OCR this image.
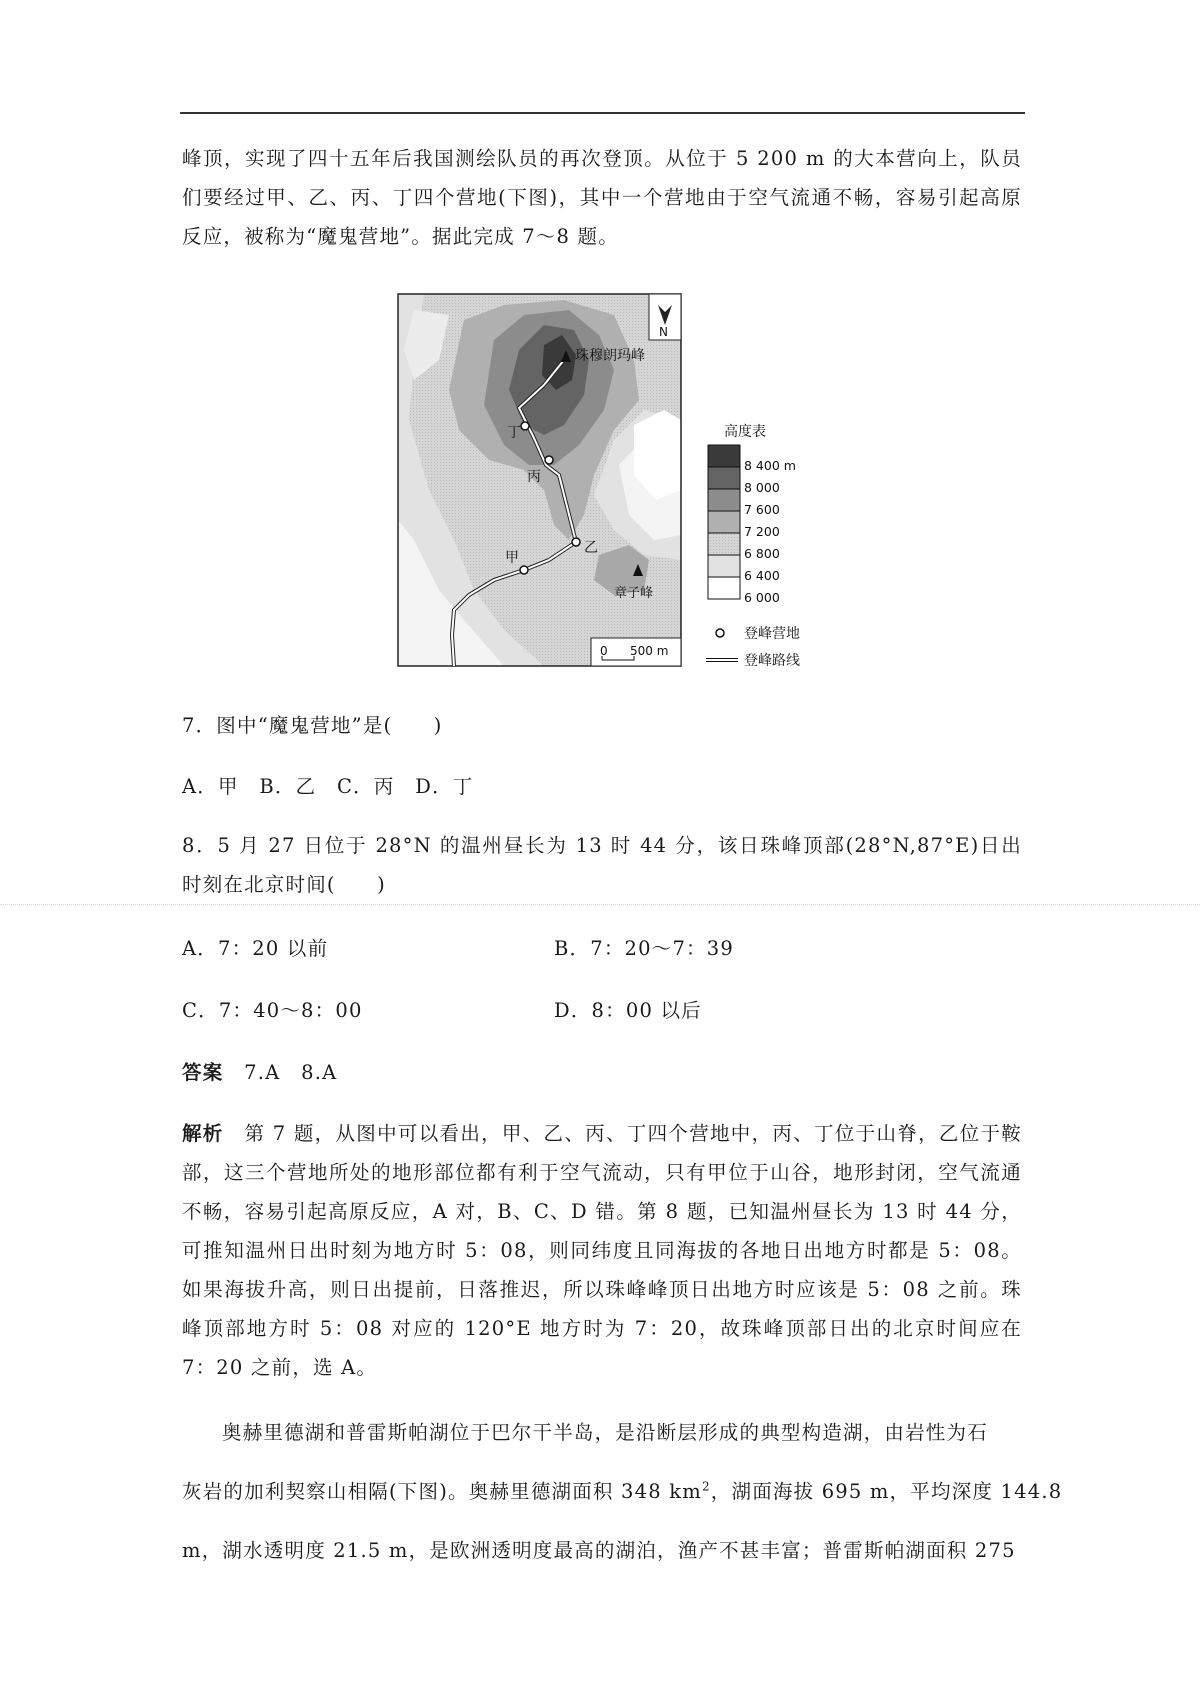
峰顶，实现了四十五年后我国测绘队员的再次登顶。从位于 5 200 m 的大本营向上，队员们要经过甲、乙、丙、丁四个营地(下图)，其中一个营地由于空气流通不畅，容易引起高原反应，被称为“魔鬼营地”。据此完成 7～8 题。

N
甲
乙
丙
丁
珠穆朗玛峰
章子峰
0 500 m
高度表
8 400 m
8 000
7 600
7 200
6 800
6 400
6 000
登峰营地
登峰路线

7．图中“魔鬼营地”是(　　)

A．甲　B．乙　C．丙　D．丁

8．5 月 27 日位于 28°N 的温州昼长为 13 时 44 分，该日珠峰顶部(28°N,87°E)日出时刻在北京时间(　　)

A．7：20 以前	B．7：20～7：39

C．7：40～8：00	D．8：00 以后

答案　 7.A　8.A

解析　 第 7 题，从图中可以看出，甲、乙、丙、丁四个营地中，丙、丁位于山脊，乙位于鞍部，这三个营地所处的地形部位都有利于空气流动，只有甲位于山谷，地形封闭，空气流通不畅，容易引起高原反应，A 对，B、C、D 错。第 8 题，已知温州昼长为 13 时 44 分，可推知温州日出时刻为地方时 5：08，则同纬度且同海拔的各地日出地方时都是 5：08。如果海拔升高，则日出提前，日落推迟，所以珠峰峰顶日出地方时应该是 5：08 之前。珠峰顶部地方时 5：08 对应的 120°E 地方时为 7：20，故珠峰顶部日出的北京时间应在 7：20 之前，选 A。

奥赫里德湖和普雷斯帕湖位于巴尔干半岛，是沿断层形成的典型构造湖，由岩性为石

灰岩的加利契察山相隔(下图)。奥赫里德湖面积 348 $km^2$，湖面海拔 695 m，平均深度 144.8

m，湖水透明度 21.5 m，是欧洲透明度最高的湖泊，渔产不甚丰富；普雷斯帕湖面积 275
